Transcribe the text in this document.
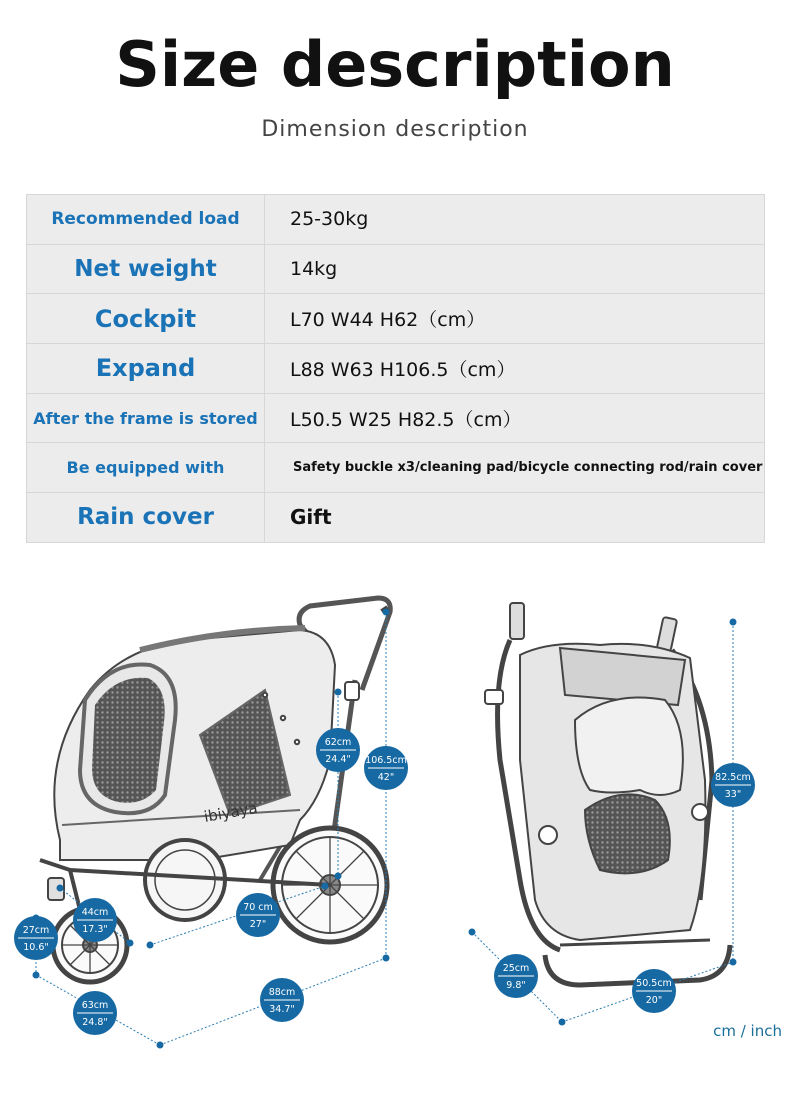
Size description
Dimension description
Recommended load	25-30kg
Net weight	14kg
Cockpit	L70 W44 H62（cm）
Expand	L88 W63 H106.5（cm）
After the frame is stored	L50.5 W25 H82.5（cm）
Be equipped with	Safety buckle x3/cleaning pad/bicycle connecting rod/rain cover
Rain cover	Gift
ibiyaya
106.5cm
42"
62cm
24.4"
70 cm
27"
44cm
17.3"
27cm
10.6"
63cm
24.8"
88cm
34.7"
82.5cm
33"
25cm
9.8"	50.5cm
20"
cm / inch
